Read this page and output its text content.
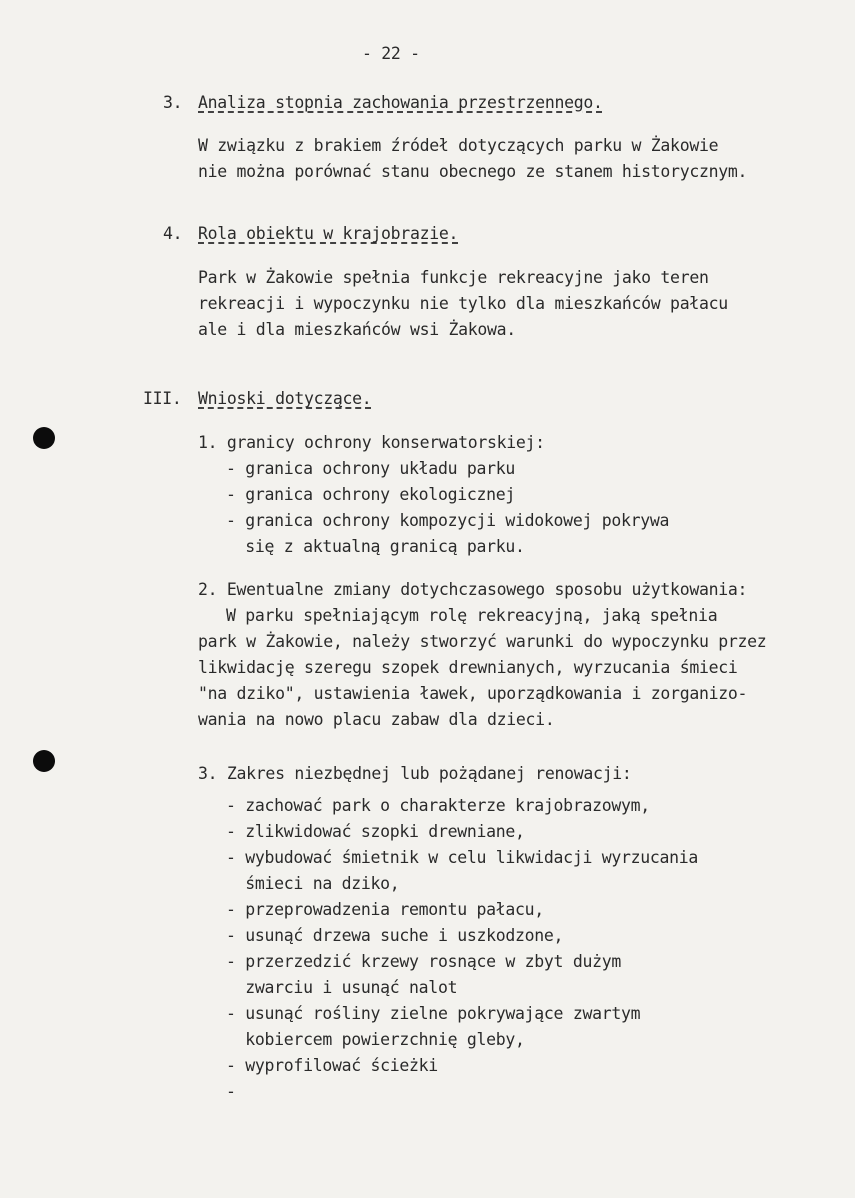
- 22 -
3. Analiza stopnia zachowania przestrzennego.
W związku z brakiem źródeł dotyczących parku w Żakowie
nie można porównać stanu obecnego ze stanem historycznym.
4. Rola obiektu w krajobrazie.
Park w Żakowie spełnia funkcje rekreacyjne jako teren
rekreacji i wypoczynku nie tylko dla mieszkańców pałacu
ale i dla mieszkańców wsi Żakowa.
III. Wnioski dotyczące.
1. granicy ochrony konserwatorskiej:
- granica ochrony układu parku
- granica ochrony ekologicznej
- granica ochrony kompozycji widokowej pokrywa
się z aktualną granicą parku.
2. Ewentualne zmiany dotychczasowego sposobu użytkowania:
W parku spełniającym rolę rekreacyjną, jaką spełnia
park w Żakowie, należy stworzyć warunki do wypoczynku przez
likwidację szeregu szopek drewnianych, wyrzucania śmieci
"na dziko", ustawienia ławek, uporządkowania i zorganizo-
wania na nowo placu zabaw dla dzieci.
3. Zakres niezbędnej lub pożądanej renowacji:
- zachować park o charakterze krajobrazowym,
- zlikwidować szopki drewniane,
- wybudować śmietnik w celu likwidacji wyrzucania
śmieci na dziko,
- przeprowadzenia remontu pałacu,
- usunąć drzewa suche i uszkodzone,
- przerzedzić krzewy rosnące w zbyt dużym
zwarciu i usunąć nalot
- usunąć rośliny zielne pokrywające zwartym
kobiercem powierzchnię gleby,
- wyprofilować ścieżki
-
